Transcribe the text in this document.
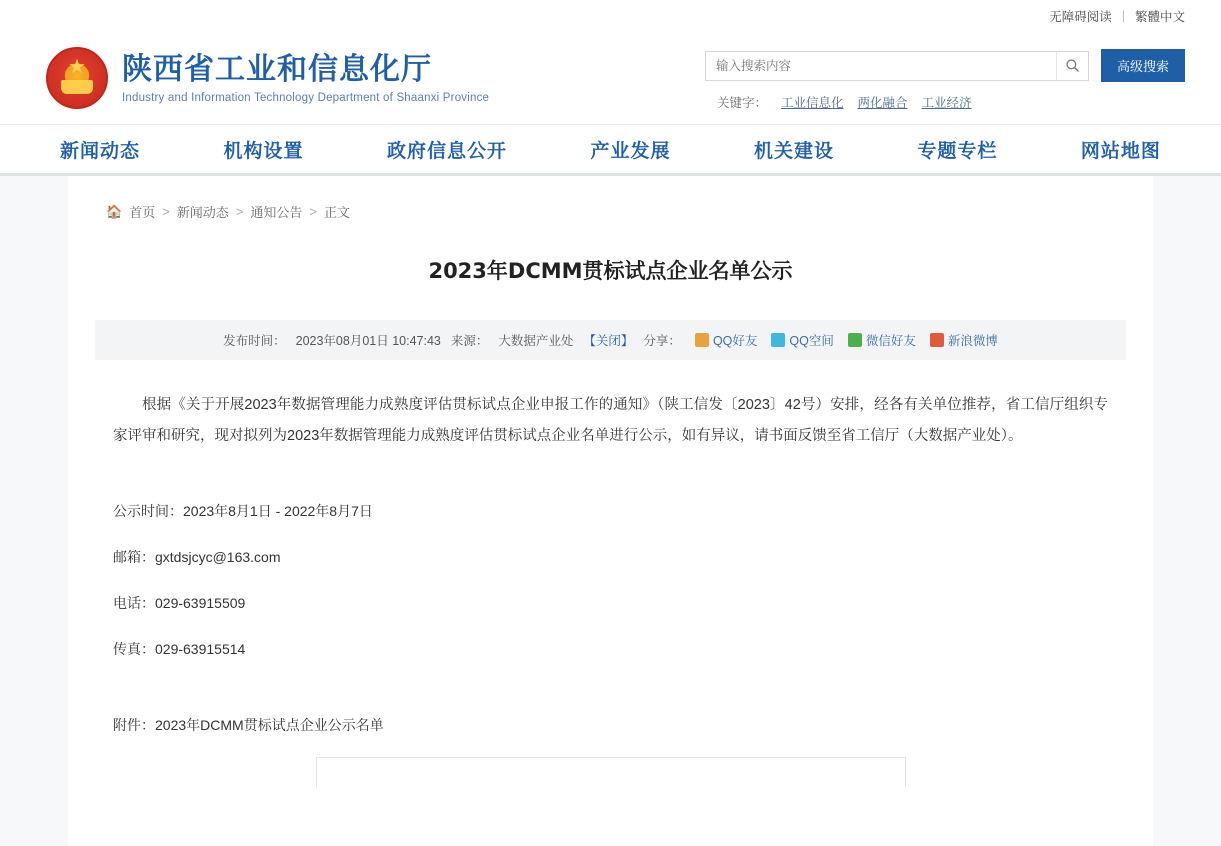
无障碍阅读 | 繁體中文
★
陕西省工业和信息化厅
Industry and Information Technology Department of Shaanxi Province
输入搜索内容
高级搜索
关键字： 工业信息化 两化融合 工业经济
新闻动态	机构设置	政府信息公开	产业发展	机关建设	专题专栏	网站地图
🏠 首页 > 新闻动态 > 通知公告 > 正文
2023年DCMM贯标试点企业名单公示
发布时间： 2023年08月01日 10:47:43 来源： 大数据产业处 【关闭】 分享：	QQ好友	QQ空间	微信好友	新浪微博

根据《关于开展2023年数据管理能力成熟度评估贯标试点企业申报工作的通知》（陕工信发〔2023〕42号）安排，经各有关单位推荐，省工信厅组织专家评审和研究，现对拟列为2023年数据管理能力成熟度评估贯标试点企业名单进行公示，如有异议，请书面反馈至省工信厅（大数据产业处）。

公示时间：2023年8月1日 - 2022年8月7日
邮箱：gxtdsjcyc@163.com
电话：029-63915509
传真：029-63915514
附件：2023年DCMM贯标试点企业公示名单
